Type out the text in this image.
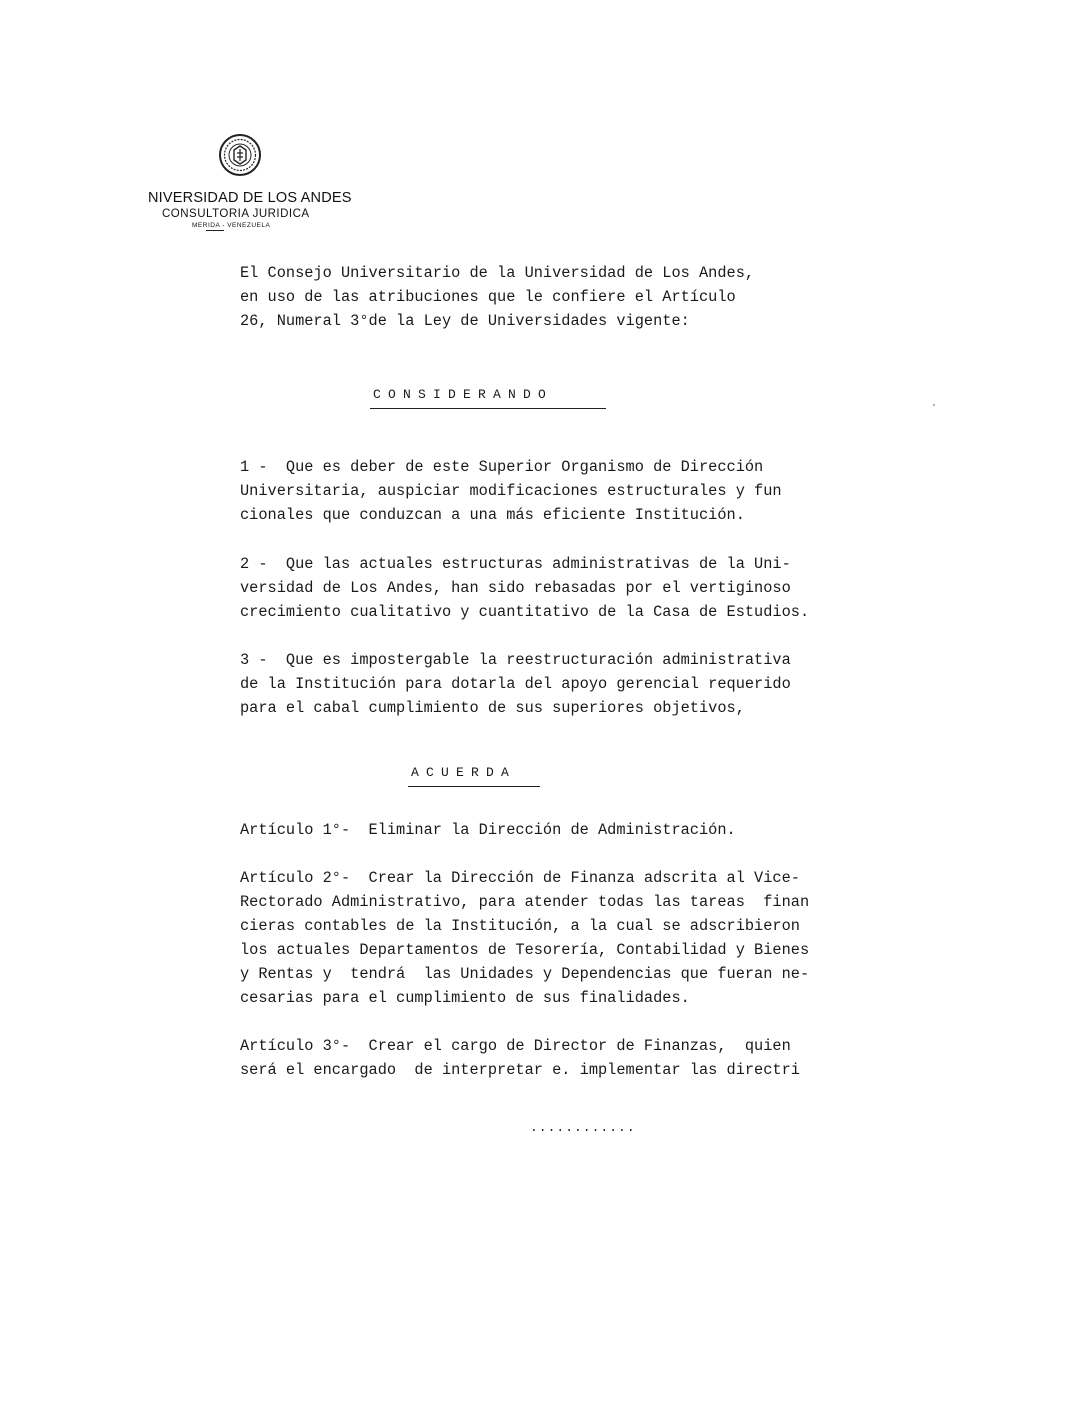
NIVERSIDAD DE LOS ANDES
CONSULTORIA JURIDICA
MERIDA - VENEZUELA
El Consejo Universitario de la Universidad de Los Andes,
en uso de las atribuciones que le confiere el Artículo
26, Numeral 3°de la Ley de Universidades vigente:
CONSIDERANDO
1 -  Que es deber de este Superior Organismo de Dirección
Universitaria, auspiciar modificaciones estructurales y fun
cionales que conduzcan a una más eficiente Institución.
2 -  Que las actuales estructuras administrativas de la Uni-
versidad de Los Andes, han sido rebasadas por el vertiginoso
crecimiento cualitativo y cuantitativo de la Casa de Estudios.
3 -  Que es impostergable la reestructuración administrativa
de la Institución para dotarla del apoyo gerencial requerido
para el cabal cumplimiento de sus superiores objetivos,
ACUERDA
Artículo 1°-  Eliminar la Dirección de Administración.
Artículo 2°-  Crear la Dirección de Finanza adscrita al Vice-
Rectorado Administrativo, para atender todas las tareas  finan
cieras contables de la Institución, a la cual se adscribieron
los actuales Departamentos de Tesorería, Contabilidad y Bienes
y Rentas y  tendrá  las Unidades y Dependencias que fueran ne-
cesarias para el cumplimiento de sus finalidades.
Artículo 3°-  Crear el cargo de Director de Finanzas,  quien
será el encargado  de interpretar e. implementar las directri
............
